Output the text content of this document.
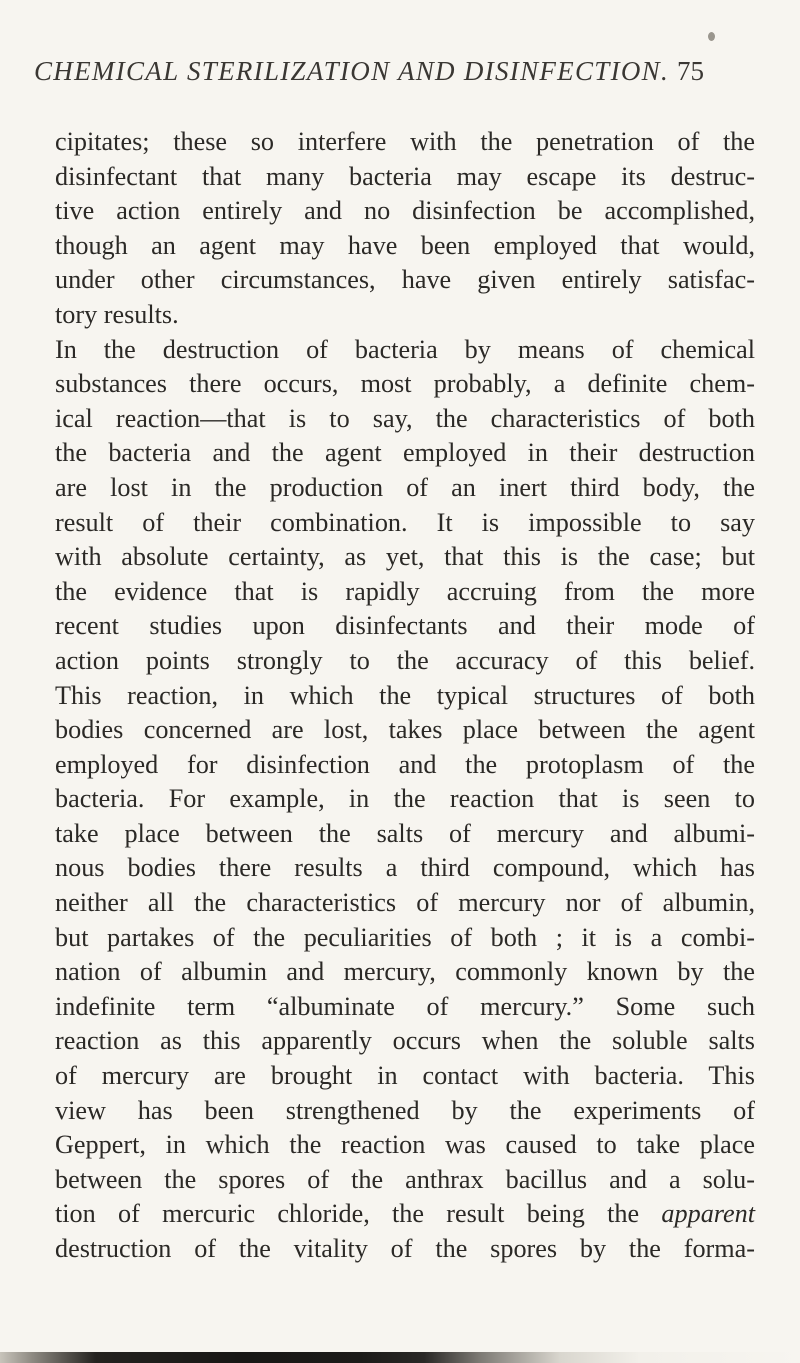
CHEMICAL STERILIZATION AND DISINFECTION. 75
cipitates; these so interfere with the penetration of the
disinfectant that many bacteria may escape its destruc-
tive action entirely and no disinfection be accomplished,
though an agent may have been employed that would,
under other circumstances, have given entirely satisfac-
tory results.
In the destruction of bacteria by means of chemical
substances there occurs, most probably, a definite chem-
ical reaction—that is to say, the characteristics of both
the bacteria and the agent employed in their destruction
are lost in the production of an inert third body, the
result of their combination. It is impossible to say
with absolute certainty, as yet, that this is the case; but
the evidence that is rapidly accruing from the more
recent studies upon disinfectants and their mode of
action points strongly to the accuracy of this belief.
This reaction, in which the typical structures of both
bodies concerned are lost, takes place between the agent
employed for disinfection and the protoplasm of the
bacteria. For example, in the reaction that is seen to
take place between the salts of mercury and albumi-
nous bodies there results a third compound, which has
neither all the characteristics of mercury nor of albumin,
but partakes of the peculiarities of both ; it is a combi-
nation of albumin and mercury, commonly known by the
indefinite term “albuminate of mercury.” Some such
reaction as this apparently occurs when the soluble salts
of mercury are brought in contact with bacteria. This
view has been strengthened by the experiments of
Geppert, in which the reaction was caused to take place
between the spores of the anthrax bacillus and a solu-
tion of mercuric chloride, the result being the apparent
destruction of the vitality of the spores by the forma-
